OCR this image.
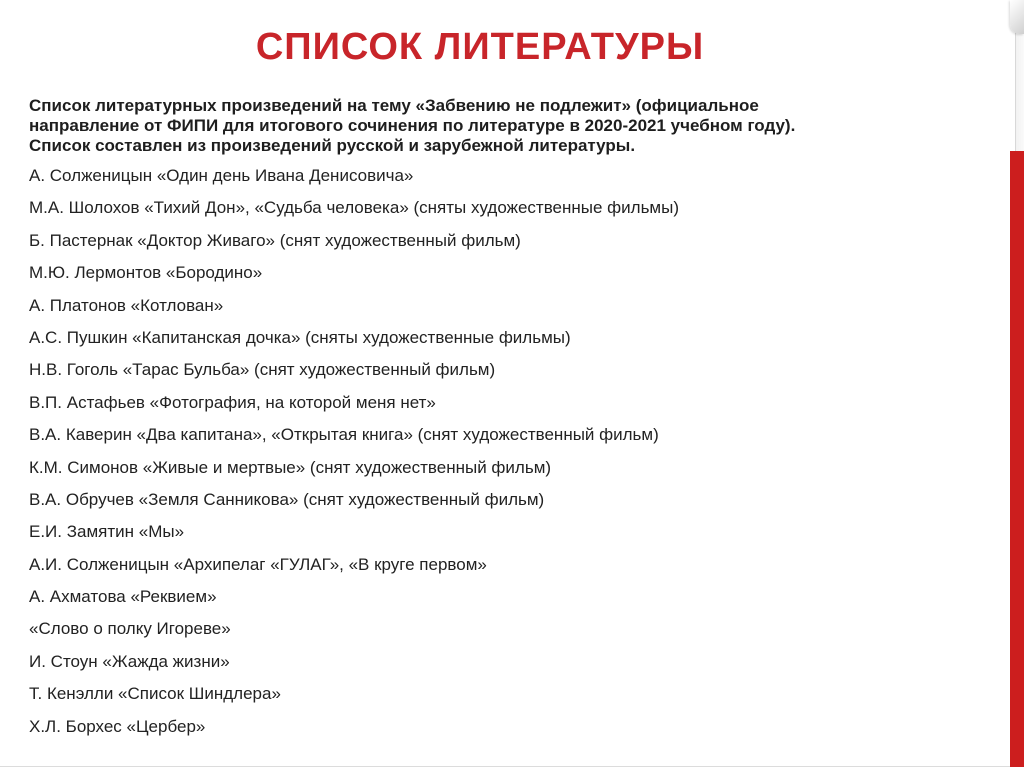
СПИСОК ЛИТЕРАТУРЫ

Список литературных произведений на тему «Забвению не подлежит» (официальное
направление от ФИПИ для итогового сочинения по литературе в 2020-2021 учебном году).
Список составлен из произведений русской и зарубежной литературы.

А. Солженицын «Один день Ивана Денисовича»
М.А. Шолохов «Тихий Дон», «Судьба человека» (сняты художественные фильмы)
Б. Пастернак «Доктор Живаго» (снят художественный фильм)
М.Ю. Лермонтов «Бородино»
А. Платонов «Котлован»
А.С. Пушкин «Капитанская дочка» (сняты художественные фильмы)
Н.В. Гоголь «Тарас Бульба» (снят художественный фильм)
В.П. Астафьев «Фотография, на которой меня нет»
В.А. Каверин «Два капитана», «Открытая книга» (снят художественный фильм)
К.М. Симонов «Живые и мертвые» (снят художественный фильм)
В.А. Обручев «Земля Санникова» (снят художественный фильм)
Е.И. Замятин «Мы»
А.И. Солженицын «Архипелаг «ГУЛАГ», «В круге первом»
А. Ахматова «Реквием»
«Слово о полку Игореве»
И. Стоун «Жажда жизни»
Т. Кенэлли «Список Шиндлера»
Х.Л. Борхес «Цербер»
